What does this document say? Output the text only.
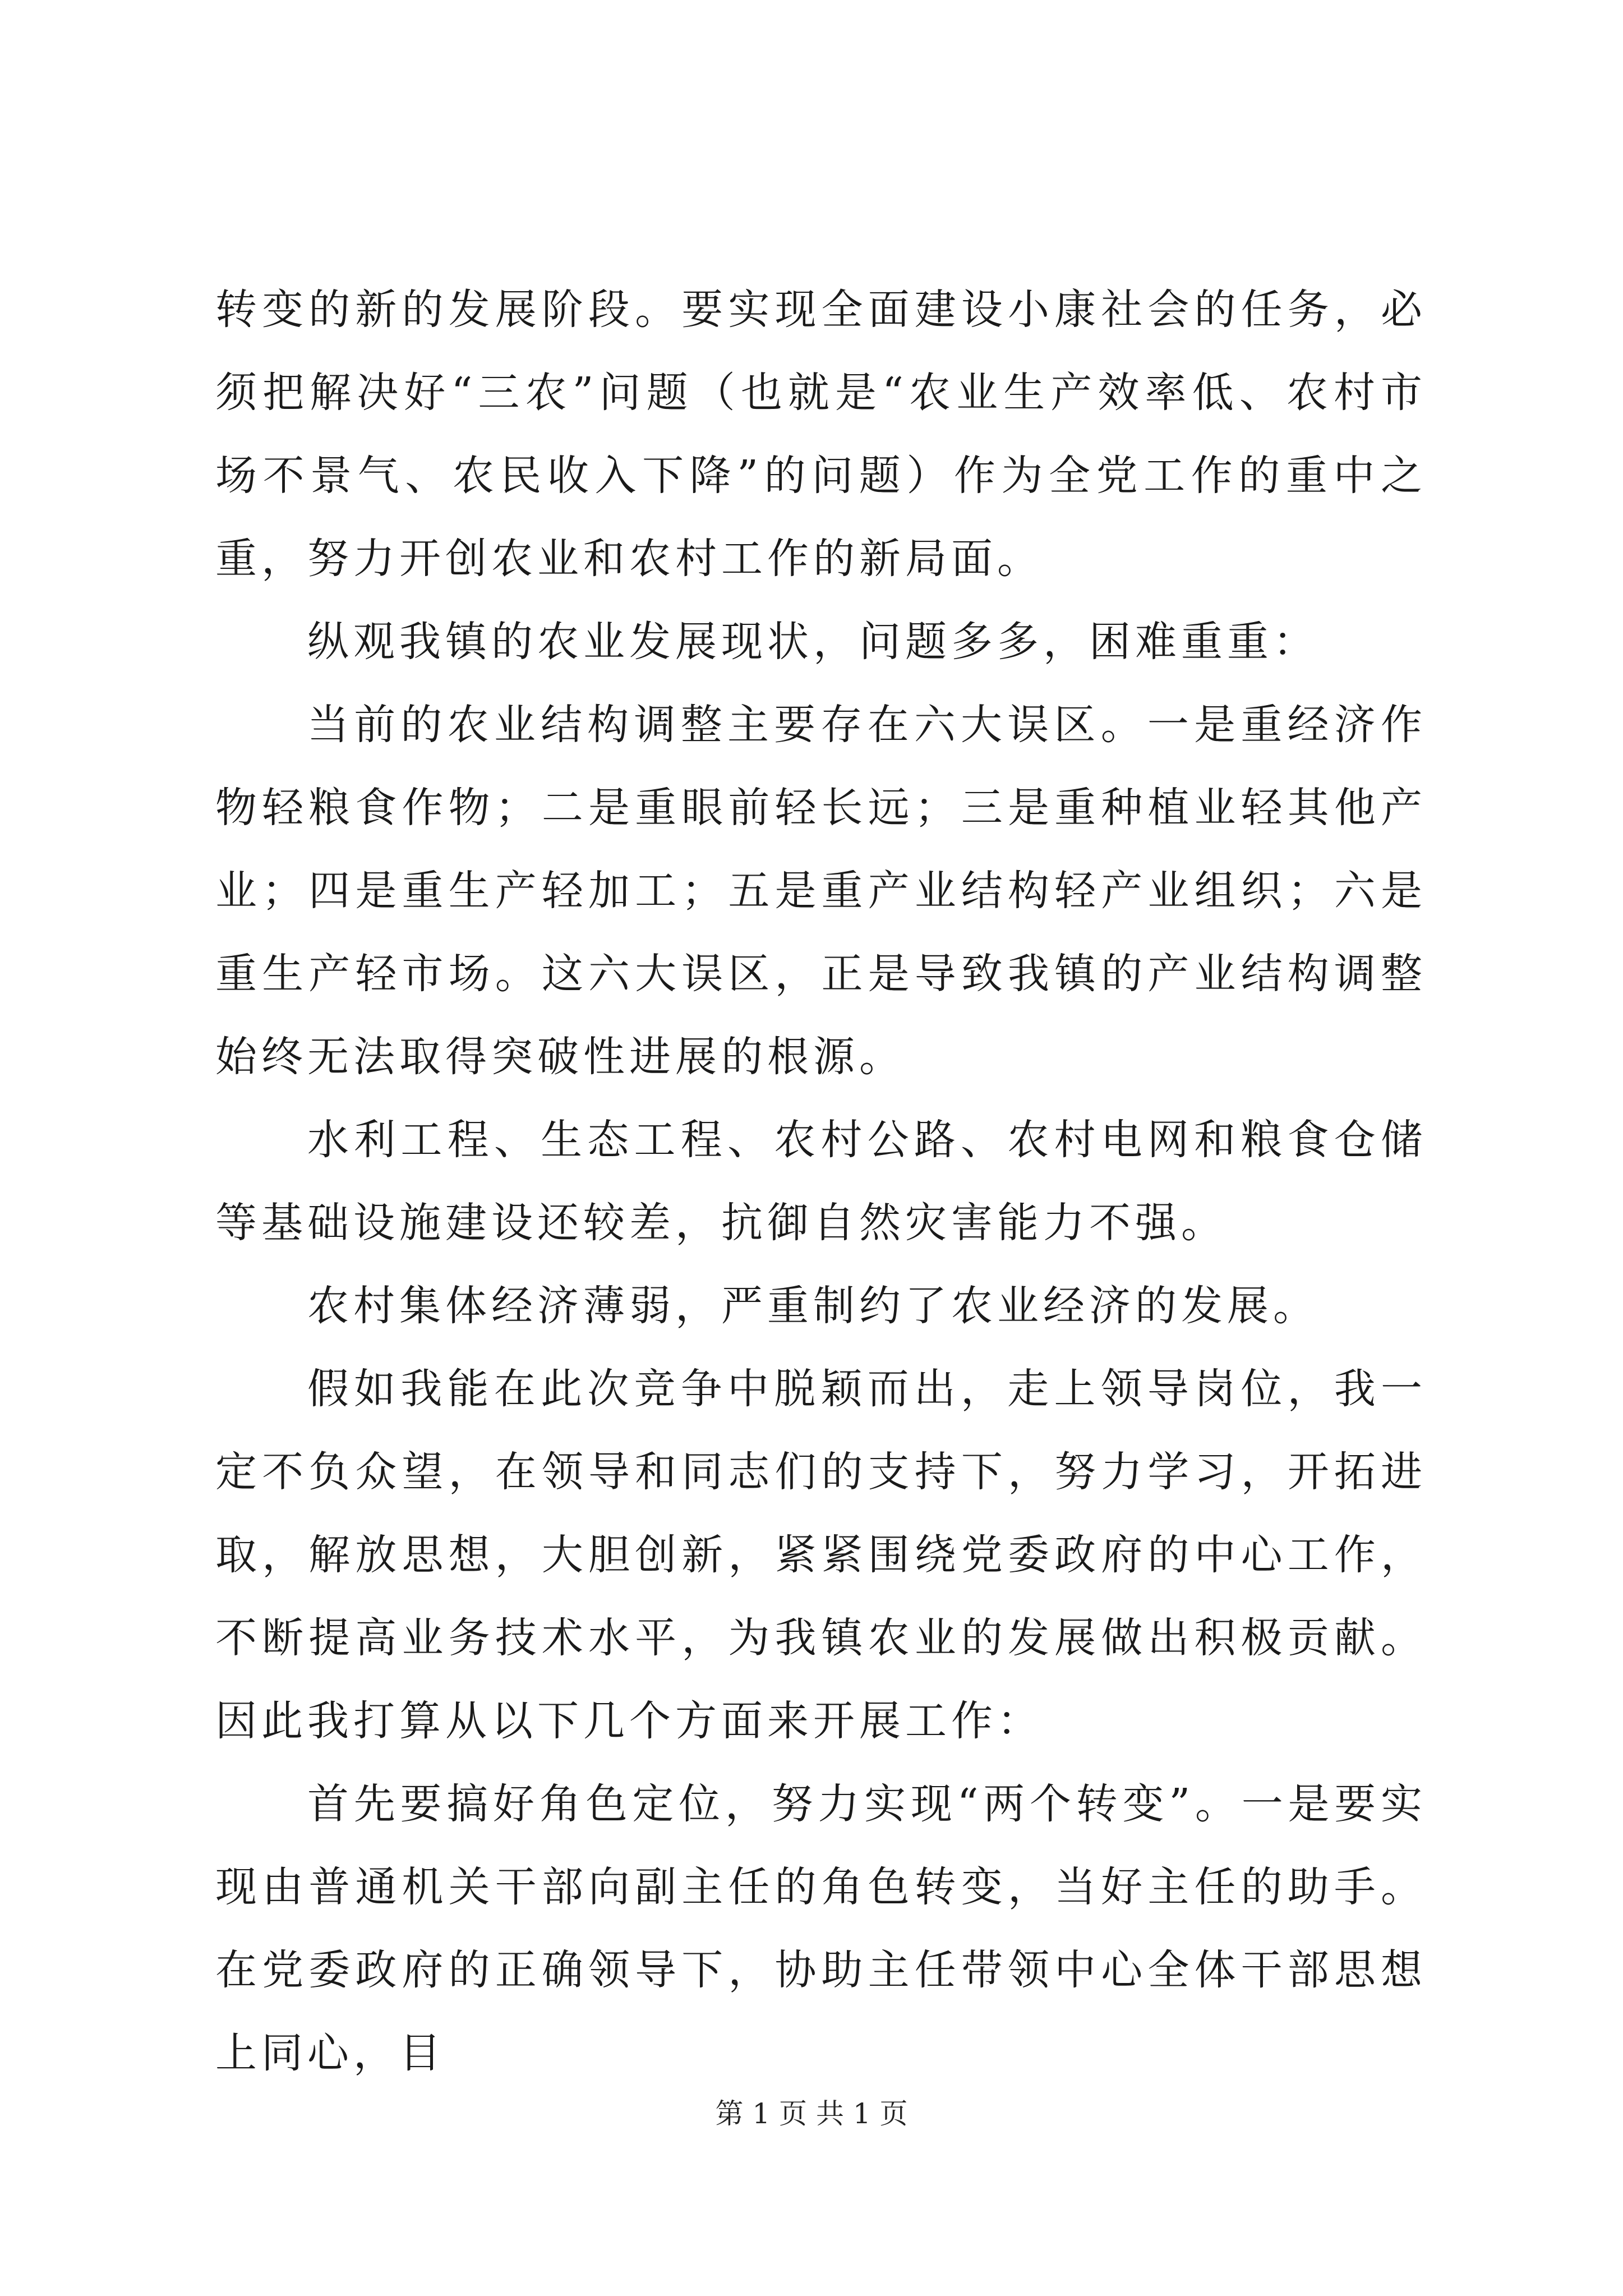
转变的新的发展阶段。要实现全面建设小康社会的任务，必须把解决好“三农”问题（也就是“农业生产效率低、农村市场不景气、农民收入下降”的问题）作为全党工作的重中之重，努力开创农业和农村工作的新局面。

纵观我镇的农业发展现状，问题多多，困难重重：

当前的农业结构调整主要存在六大误区。一是重经济作物轻粮食作物；二是重眼前轻长远；三是重种植业轻其他产业；四是重生产轻加工；五是重产业结构轻产业组织；六是重生产轻市场。这六大误区，正是导致我镇的产业结构调整始终无法取得突破性进展的根源。

水利工程、生态工程、农村公路、农村电网和粮食仓储等基础设施建设还较差，抗御自然灾害能力不强。

农村集体经济薄弱，严重制约了农业经济的发展。

假如我能在此次竞争中脱颖而出，走上领导岗位，我一定不负众望，在领导和同志们的支持下，努力学习，开拓进取，解放思想，大胆创新，紧紧围绕党委政府的中心工作，不断提高业务技术水平，为我镇农业的发展做出积极贡献。因此我打算从以下几个方面来开展工作：

首先要搞好角色定位，努力实现“两个转变”。一是要实现由普通机关干部向副主任的角色转变，当好主任的助手。在党委政府的正确领导下，协助主任带领中心全体干部思想上同心，目

第 1 页 共 1 页
